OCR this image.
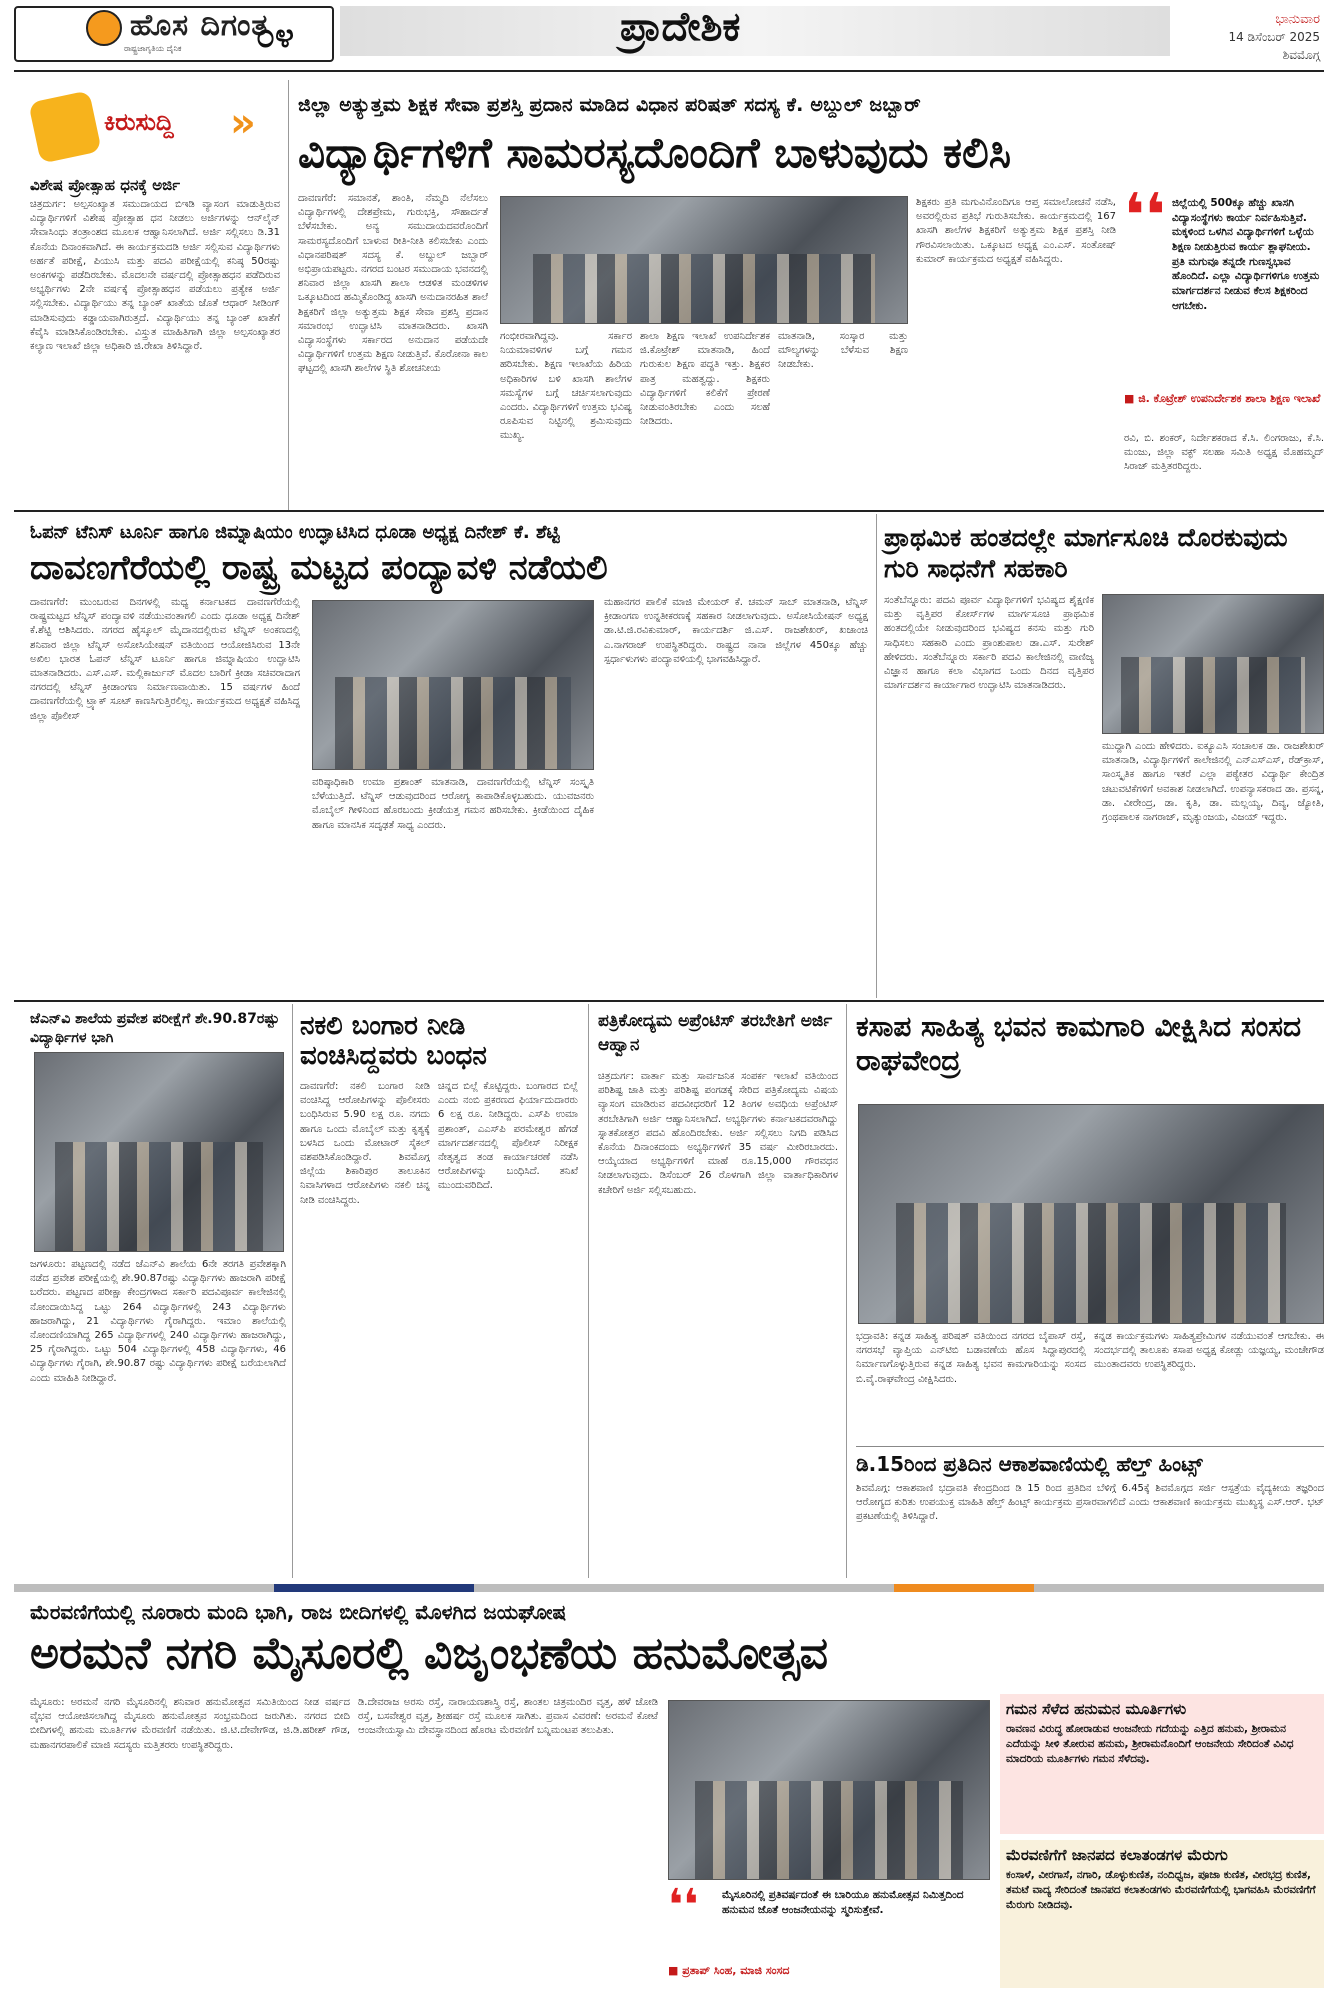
ಹೊಸ ದಿಗಂತ
ರಾಷ್ಟ್ರಜಾಗೃತಿಯ ದೈನಿಕ ೦೪	ಪ್ರಾದೇಶಿಕ	ಭಾನುವಾರ
14 ಡಿಸೆಂಬರ್ 2025
ಶಿವಮೊಗ್ಗ
ಕಿರುಸುದ್ದಿ »
ವಿಶೇಷ ಪ್ರೋತ್ಸಾಹ ಧನಕ್ಕೆ ಅರ್ಜಿ
ಚಿತ್ರದುರ್ಗ: ಅಲ್ಪಸಂಖ್ಯಾತ ಸಮುದಾಯದ ಬಿಇಡಿ ವ್ಯಾಸಂಗ ಮಾಡುತ್ತಿರುವ ವಿದ್ಯಾರ್ಥಿಗಳಿಗೆ ವಿಶೇಷ ಪ್ರೋತ್ಸಾಹ ಧನ ನೀಡಲು ಅರ್ಜಿಗಳನ್ನು ಆನ್‌ಲೈನ್ ಸೇವಾಸಿಂಧು ತಂತ್ರಾಂಶದ ಮೂಲಕ ಆಹ್ವಾನಿಸಲಾಗಿದೆ. ಅರ್ಜಿ ಸಲ್ಲಿಸಲು ಡಿ.31 ಕೊನೆಯ ದಿನಾಂಕವಾಗಿದೆ. ಈ ಕಾರ್ಯಕ್ರಮದಡಿ ಅರ್ಜಿ ಸಲ್ಲಿಸುವ ವಿದ್ಯಾರ್ಥಿಗಳು ಅರ್ಹತೆ ಪರೀಕ್ಷೆ, ಪಿಯುಸಿ ಮತ್ತು ಪದವಿ ಪರೀಕ್ಷೆಯಲ್ಲಿ ಕನಿಷ್ಠ 50ರಷ್ಟು ಅಂಕಗಳನ್ನು ಪಡೆದಿರಬೇಕು. ಮೊದಲನೇ ವರ್ಷದಲ್ಲಿ ಪ್ರೋತ್ಸಾಹಧನ ಪಡೆದಿರುವ ಅಭ್ಯರ್ಥಿಗಳು 2ನೇ ವರ್ಷಕ್ಕೆ ಪ್ರೋತ್ಸಾಹಧನ ಪಡೆಯಲು ಪ್ರತ್ಯೇಕ ಅರ್ಜಿ ಸಲ್ಲಿಸಬೇಕು. ವಿದ್ಯಾರ್ಥಿಯು ತನ್ನ ಬ್ಯಾಂಕ್ ಖಾತೆಯ ಜೊತೆ ಆಧಾರ್ ಸೀಡಿಂಗ್ ಮಾಡಿಸುವುದು ಕಡ್ಡಾಯವಾಗಿರುತ್ತದೆ. ವಿದ್ಯಾರ್ಥಿಯು ತನ್ನ ಬ್ಯಾಂಕ್ ಖಾತೆಗೆ ಕೆವೈಸಿ ಮಾಡಿಸಿಕೊಂಡಿರಬೇಕು. ವಿಸ್ತ್ರುತ ಮಾಹಿತಿಗಾಗಿ ಜಿಲ್ಲಾ ಅಲ್ಪಸಂಖ್ಯಾತರ ಕಲ್ಯಾಣ ಇಲಾಖೆ ಜಿಲ್ಲಾ ಅಧಿಕಾರಿ ಜಿ.ರೇಖಾ ತಿಳಿಸಿದ್ದಾರೆ.
ಜಿಲ್ಲಾ ಅತ್ಯುತ್ತಮ ಶಿಕ್ಷಕ ಸೇವಾ ಪ್ರಶಸ್ತಿ ಪ್ರದಾನ ಮಾಡಿದ ವಿಧಾನ ಪರಿಷತ್ ಸದಸ್ಯ ಕೆ. ಅಬ್ದುಲ್ ಜಬ್ಬಾರ್
ವಿದ್ಯಾರ್ಥಿಗಳಿಗೆ ಸಾಮರಸ್ಯದೊಂದಿಗೆ ಬಾಳುವುದು ಕಲಿಸಿ
ದಾವಣಗೆರೆ: ಸಮಾನತೆ, ಶಾಂತಿ, ನೆಮ್ಮದಿ ನೆಲೆಸಲು ವಿದ್ಯಾರ್ಥಿಗಳಲ್ಲಿ ದೇಶಪ್ರೇಮ, ಗುರುಭಕ್ತಿ, ಸೌಹಾರ್ದತೆ ಬೆಳೆಸಬೇಕು. ಅನ್ಯ ಸಮುದಾಯದವರೊಂದಿಗೆ ಸಾಮರಸ್ಯದೊಂದಿಗೆ ಬಾಳುವ ರೀತಿ-ನೀತಿ ಕಲಿಸಬೇಕು ಎಂದು ವಿಧಾನಪರಿಷತ್ ಸದಸ್ಯ ಕೆ. ಅಬ್ದುಲ್ ಜಬ್ಬಾರ್ ಅಭಿಪ್ರಾಯಪಟ್ಟರು. ನಗರದ ಬಂಟರ ಸಮುದಾಯ ಭವನದಲ್ಲಿ ಶನಿವಾರ ಜಿಲ್ಲಾ ಖಾಸಗಿ ಶಾಲಾ ಆಡಳಿತ ಮಂಡಳಿಗಳ ಒಕ್ಕೂಟದಿಂದ ಹಮ್ಮಿಕೊಂಡಿದ್ದ ಖಾಸಗಿ ಅನುದಾನರಹಿತ ಶಾಲೆ ಶಿಕ್ಷಕರಿಗೆ ಜಿಲ್ಲಾ ಅತ್ಯುತ್ತಮ ಶಿಕ್ಷಕ ಸೇವಾ ಪ್ರಶಸ್ತಿ ಪ್ರದಾನ ಸಮಾರಂಭ ಉದ್ಘಾಟಿಸಿ ಮಾತನಾಡಿದರು. ಖಾಸಗಿ ವಿದ್ಯಾಸಂಸ್ಥೆಗಳು ಸರ್ಕಾರದ ಅನುದಾನ ಪಡೆಯದೇ ವಿದ್ಯಾರ್ಥಿಗಳಿಗೆ ಉತ್ತಮ ಶಿಕ್ಷಣ ನೀಡುತ್ತಿವೆ. ಕೊರೋನಾ ಕಾಲ ಘಟ್ಟದಲ್ಲಿ ಖಾಸಗಿ ಶಾಲೆಗಳ ಸ್ಥಿತಿ ಶೋಚನೀಯ
ಗಂಭೀರವಾಗಿದ್ದವು. ಸರ್ಕಾರ ನಿಯಮಾವಳಿಗಳ ಬಗ್ಗೆ ಗಮನ ಹರಿಸಬೇಕು. ಶಿಕ್ಷಣ ಇಲಾಖೆಯ ಹಿರಿಯ ಅಧಿಕಾರಿಗಳ ಬಳಿ ಖಾಸಗಿ ಶಾಲೆಗಳ ಸಮಸ್ಯೆಗಳ ಬಗ್ಗೆ ಚರ್ಚಿಸಲಾಗುವುದು ಎಂದರು. ವಿದ್ಯಾರ್ಥಿಗಳಿಗೆ ಉತ್ತಮ ಭವಿಷ್ಯ ರೂಪಿಸುವ ನಿಟ್ಟಿನಲ್ಲಿ ಶ್ರಮಿಸುವುದು ಮುಖ್ಯ.
ಶಾಲಾ ಶಿಕ್ಷಣ ಇಲಾಖೆ ಉಪನಿರ್ದೇಶಕ ಜಿ.ಕೊಟ್ರೇಶ್ ಮಾತನಾಡಿ, ಹಿಂದೆ ಗುರುಕುಲ ಶಿಕ್ಷಣ ಪದ್ಧತಿ ಇತ್ತು. ಶಿಕ್ಷಕರ ಪಾತ್ರ ಮಹತ್ವದ್ದು. ಶಿಕ್ಷಕರು ವಿದ್ಯಾರ್ಥಿಗಳಿಗೆ ಕಲಿಕೆಗೆ ಪ್ರೇರಣೆ ನೀಡುವಂತಿರಬೇಕು ಎಂದು ಸಲಹೆ ನೀಡಿದರು.
ಮಾತನಾಡಿ, ಸಂಸ್ಕಾರ ಮತ್ತು ಮೌಲ್ಯಗಳನ್ನು ಬೆಳೆಸುವ ಶಿಕ್ಷಣ ನೀಡಬೇಕು.
ಶಿಕ್ಷಕರು ಪ್ರತಿ ಮಗುವಿನೊಂದಿಗೂ ಆಪ್ತ ಸಮಾಲೋಚನೆ ನಡೆಸಿ, ಅವರಲ್ಲಿರುವ ಪ್ರತಿಭೆ ಗುರುತಿಸಬೇಕು. ಕಾರ್ಯಕ್ರಮದಲ್ಲಿ 167 ಖಾಸಗಿ ಶಾಲೆಗಳ ಶಿಕ್ಷಕರಿಗೆ ಅತ್ಯುತ್ತಮ ಶಿಕ್ಷಕ ಪ್ರಶಸ್ತಿ ನೀಡಿ ಗೌರವಿಸಲಾಯಿತು. ಒಕ್ಕೂಟದ ಅಧ್ಯಕ್ಷ ಎಂ.ಎಸ್. ಸಂತೋಷ್ ಕುಮಾರ್ ಕಾರ್ಯಕ್ರಮದ ಅಧ್ಯಕ್ಷತೆ ವಹಿಸಿದ್ದರು.
❛❛ ಜಿಲ್ಲೆಯಲ್ಲಿ 500ಕ್ಕೂ ಹೆಚ್ಚು ಖಾಸಗಿ ವಿದ್ಯಾಸಂಸ್ಥೆಗಳು ಕಾರ್ಯ ನಿರ್ವಹಿಸುತ್ತಿವೆ. ಮಕ್ಕಳಿಂದ ಒಳಗಿನ ವಿದ್ಯಾರ್ಥಿಗಳಿಗೆ ಒಳ್ಳೆಯ ಶಿಕ್ಷಣ ನೀಡುತ್ತಿರುವ ಕಾರ್ಯ ಶ್ಲಾಘನೀಯ. ಪ್ರತಿ ಮಗುವೂ ತನ್ನದೇ ಗುಣಸ್ವಭಾವ ಹೊಂದಿದೆ. ಎಲ್ಲಾ ವಿದ್ಯಾರ್ಥಿಗಳಿಗೂ ಉತ್ತಮ ಮಾರ್ಗದರ್ಶನ ನೀಡುವ ಕೆಲಸ ಶಿಕ್ಷಕರಿಂದ ಆಗಬೇಕು.
■ ಜಿ. ಕೊಟ್ರೇಶ್ ಉಪನಿರ್ದೇಶಕ ಶಾಲಾ ಶಿಕ್ಷಣ ಇಲಾಖೆ
ರವಿ, ಬಿ. ಶಂಕರ್, ನಿರ್ದೇಶಕರಾದ ಕೆ.ಸಿ. ಲಿಂಗರಾಜು, ಕೆ.ಸಿ. ಮಂಜು, ಜಿಲ್ಲಾ ವಕ್ಫ್ ಸಲಹಾ ಸಮಿತಿ ಅಧ್ಯಕ್ಷ ಮೊಹಮ್ಮದ್ ಸಿರಾಜ್ ಮತ್ತಿತರರಿದ್ದರು.
ಓಪನ್ ಟೆನಿಸ್ ಟೂರ್ನಿ ಹಾಗೂ ಜಿಮ್ನಾಷಿಯಂ ಉದ್ಘಾಟಿಸಿದ ಧೂಡಾ ಅಧ್ಯಕ್ಷ ದಿನೇಶ್ ಕೆ. ಶೆಟ್ಟಿ
ದಾವಣಗೆರೆಯಲ್ಲಿ ರಾಷ್ಟ್ರ ಮಟ್ಟದ ಪಂದ್ಯಾವಳಿ ನಡೆಯಲಿ
ದಾವಣಗೆರೆ: ಮುಂಬರುವ ದಿನಗಳಲ್ಲಿ ಮಧ್ಯ ಕರ್ನಾಟಕದ ದಾವಣಗೆರೆಯಲ್ಲಿ ರಾಷ್ಟ್ರಮಟ್ಟದ ಟೆನ್ನಿಸ್ ಪಂದ್ಯಾವಳಿ ನಡೆಯುವಂತಾಗಲಿ ಎಂದು ಧೂಡಾ ಅಧ್ಯಕ್ಷ ದಿನೇಶ್ ಕೆ.ಶೆಟ್ಟಿ ಆಶಿಸಿದರು. ನಗರದ ಹೈಸ್ಕೂಲ್ ಮೈದಾನದಲ್ಲಿರುವ ಟೆನ್ನಿಸ್ ಅಂಕಣದಲ್ಲಿ ಶನಿವಾರ ಜಿಲ್ಲಾ ಟೆನ್ನಿಸ್ ಅಸೋಸಿಯೇಷನ್ ವತಿಯಿಂದ ಆಯೋಜಿಸಿರುವ 13ನೇ ಅಖಿಲ ಭಾರತ ಓಪನ್ ಟೆನ್ನಿಸ್ ಟೂರ್ನಿ ಹಾಗೂ ಜಿಮ್ನಾಷಿಯಂ ಉದ್ಘಾಟಿಸಿ ಮಾತನಾಡಿದರು. ಎಸ್.ಎಸ್. ಮಲ್ಲಿಕಾರ್ಜುನ್ ಮೊದಲ ಬಾರಿಗೆ ಕ್ರೀಡಾ ಸಚಿವರಾದಾಗ ನಗರದಲ್ಲಿ ಟೆನ್ನಿಸ್ ಕ್ರೀಡಾಂಗಣ ನಿರ್ಮಾಣವಾಯಿತು. 15 ವರ್ಷಗಳ ಹಿಂದೆ ದಾವಣಗೆರೆಯಲ್ಲಿ ಟ್ರ್ಯಾಕ್ ಸೂಟ್ ಕಾಣಸಿಗುತ್ತಿರಲಿಲ್ಲ. ಕಾರ್ಯಕ್ರಮದ ಅಧ್ಯಕ್ಷತೆ ವಹಿಸಿದ್ದ ಜಿಲ್ಲಾ ಪೊಲೀಸ್
ವರಿಷ್ಠಾಧಿಕಾರಿ ಉಮಾ ಪ್ರಶಾಂತ್ ಮಾತನಾಡಿ, ದಾವಣಗೆರೆಯಲ್ಲಿ ಟೆನ್ನಿಸ್ ಸಂಸ್ಕೃತಿ ಬೆಳೆಯುತ್ತಿದೆ. ಟೆನ್ನಿಸ್ ಆಡುವುದರಿಂದ ಆರೋಗ್ಯ ಕಾಪಾಡಿಕೊಳ್ಳಬಹುದು. ಯುವಜನರು ಮೊಬೈಲ್ ಗೀಳಿನಿಂದ ಹೊರಬಂದು ಕ್ರೀಡೆಯತ್ತ ಗಮನ ಹರಿಸಬೇಕು. ಕ್ರೀಡೆಯಿಂದ ದೈಹಿಕ ಹಾಗೂ ಮಾನಸಿಕ ಸದೃಢತೆ ಸಾಧ್ಯ ಎಂದರು.
ಮಹಾನಗರ ಪಾಲಿಕೆ ಮಾಜಿ ಮೇಯರ್ ಕೆ. ಚಮನ್ ಸಾಬ್ ಮಾತನಾಡಿ, ಟೆನ್ನಿಸ್ ಕ್ರೀಡಾಂಗಣ ಉನ್ನತೀಕರಣಕ್ಕೆ ಸಹಕಾರ ನೀಡಲಾಗುವುದು. ಅಸೋಸಿಯೇಷನ್ ಅಧ್ಯಕ್ಷ ಡಾ.ಟಿ.ಜಿ.ರವಿಕುಮಾರ್, ಕಾರ್ಯದರ್ಶಿ ಜಿ.ಎಸ್. ರಾಜಶೇಖರ್, ಖಜಾಂಚಿ ಎ.ನಾಗರಾಜ್ ಉಪಸ್ಥಿತರಿದ್ದರು. ರಾಷ್ಟ್ರದ ನಾನಾ ಜಿಲ್ಲೆಗಳ 450ಕ್ಕೂ ಹೆಚ್ಚು ಸ್ಪರ್ಧಾಳುಗಳು ಪಂದ್ಯಾವಳಿಯಲ್ಲಿ ಭಾಗವಹಿಸಿದ್ದಾರೆ.
ಪ್ರಾಥಮಿಕ ಹಂತದಲ್ಲೇ ಮಾರ್ಗಸೂಚಿ ದೊರಕುವುದು ಗುರಿ ಸಾಧನೆಗೆ ಸಹಕಾರಿ
ಸಂತೆಬೆನ್ನೂರು: ಪದವಿ ಪೂರ್ವ ವಿದ್ಯಾರ್ಥಿಗಳಿಗೆ ಭವಿಷ್ಯದ ಶೈಕ್ಷಣಿಕ ಮತ್ತು ವೃತ್ತಿಪರ ಕೋರ್ಸ್‌ಗಳ ಮಾರ್ಗಸೂಚಿ ಪ್ರಾಥಮಿಕ ಹಂತದಲ್ಲಿಯೇ ನೀಡುವುದರಿಂದ ಭವಿಷ್ಯದ ಕನಸು ಮತ್ತು ಗುರಿ ಸಾಧಿಸಲು ಸಹಕಾರಿ ಎಂದು ಪ್ರಾಂಶುಪಾಲ ಡಾ.ಎಸ್. ಸುರೇಶ್ ಹೇಳಿದರು. ಸಂತೆಬೆನ್ನೂರು ಸರ್ಕಾರಿ ಪದವಿ ಕಾಲೇಜಿನಲ್ಲಿ ವಾಣಿಜ್ಯ ವಿಜ್ಞಾನ ಹಾಗೂ ಕಲಾ ವಿಭಾಗದ ಒಂದು ದಿನದ ವೃತ್ತಿಪರ ಮಾರ್ಗದರ್ಶನ ಕಾರ್ಯಾಗಾರ ಉದ್ಘಾಟಿಸಿ ಮಾತನಾಡಿದರು.
ಮುದ್ದಾಗಿ ಎಂದು ಹೇಳಿದರು. ಐಕ್ಯೂಎಸಿ ಸಂಚಾಲಕ ಡಾ. ರಾಜಶೇಖರ್ ಮಾತನಾಡಿ, ವಿದ್ಯಾರ್ಥಿಗಳಿಗೆ ಕಾಲೇಜಿನಲ್ಲಿ ಎನ್‌ಎಸ್‌ಎಸ್, ರೆಡ್‌ಕ್ರಾಸ್, ಸಾಂಸ್ಕೃತಿಕ ಹಾಗೂ ಇತರೆ ಎಲ್ಲಾ ಪಠ್ಯೇತರ ವಿದ್ಯಾರ್ಥಿ ಕೇಂದ್ರಿತ ಚಟುವಟಿಕೆಗಳಿಗೆ ಅವಕಾಶ ನೀಡಲಾಗಿದೆ. ಉಪನ್ಯಾಸಕರಾದ ಡಾ. ಪ್ರಸನ್ನ, ಡಾ. ವೀರೇಂದ್ರ, ಡಾ. ಕೃತಿ, ಡಾ. ಮಲ್ಲಯ್ಯ, ದಿವ್ಯ, ಜ್ಯೋತಿ, ಗ್ರಂಥಪಾಲಕ ನಾಗರಾಜ್, ಮೃತ್ಯುಂಜಯ, ವಿಜಯ್ ಇದ್ದರು.
ಜೆಎನ್‌ವಿ ಶಾಲೆಯ ಪ್ರವೇಶ ಪರೀಕ್ಷೆಗೆ ಶೇ.90.87ರಷ್ಟು ವಿದ್ಯಾರ್ಥಿಗಳ ಭಾಗಿ
ಜಗಳೂರು: ಪಟ್ಟಣದಲ್ಲಿ ನಡೆದ ಜೆಎನ್‌ವಿ ಶಾಲೆಯ 6ನೇ ತರಗತಿ ಪ್ರವೇಶಕ್ಕಾಗಿ ನಡೆದ ಪ್ರವೇಶ ಪರೀಕ್ಷೆಯಲ್ಲಿ ಶೇ.90.87ರಷ್ಟು ವಿದ್ಯಾರ್ಥಿಗಳು ಹಾಜರಾಗಿ ಪರೀಕ್ಷೆ ಬರೆದರು. ಪಟ್ಟಣದ ಪರೀಕ್ಷಾ ಕೇಂದ್ರಗಳಾದ ಸರ್ಕಾರಿ ಪದವಿಪೂರ್ವ ಕಾಲೇಜಿನಲ್ಲಿ ನೋಂದಾಯಿಸಿದ್ದ ಒಟ್ಟು 264 ವಿದ್ಯಾರ್ಥಿಗಳಲ್ಲಿ 243 ವಿದ್ಯಾರ್ಥಿಗಳು ಹಾಜರಾಗಿದ್ದು, 21 ವಿದ್ಯಾರ್ಥಿಗಳು ಗೈರಾಗಿದ್ದರು. ಇಮಾಂ ಶಾಲೆಯಲ್ಲಿ ನೋಂದಣಿಯಾಗಿದ್ದ 265 ವಿದ್ಯಾರ್ಥಿಗಳಲ್ಲಿ 240 ವಿದ್ಯಾರ್ಥಿಗಳು ಹಾಜರಾಗಿದ್ದು, 25 ಗೈರಾಗಿದ್ದರು. ಒಟ್ಟು 504 ವಿದ್ಯಾರ್ಥಿಗಳಲ್ಲಿ 458 ವಿದ್ಯಾರ್ಥಿಗಳು, 46 ವಿದ್ಯಾರ್ಥಿಗಳು ಗೈರಾಗಿ, ಶೇ.90.87 ರಷ್ಟು ವಿದ್ಯಾರ್ಥಿಗಳು ಪರೀಕ್ಷೆ ಬರೆಯಲಾಗಿದೆ ಎಂದು ಮಾಹಿತಿ ನೀಡಿದ್ದಾರೆ.
ನಕಲಿ ಬಂಗಾರ ನೀಡಿ ವಂಚಿಸಿದ್ದವರು ಬಂಧನ
ದಾವಣಗೆರೆ: ನಕಲಿ ಬಂಗಾರ ನೀಡಿ ವಂಚಿಸಿದ್ದ ಆರೋಪಿಗಳನ್ನು ಪೊಲೀಸರು ಬಂಧಿಸಿರುವ 5.90 ಲಕ್ಷ ರೂ. ನಗದು ಹಾಗೂ ಒಂದು ಮೊಬೈಲ್ ಮತ್ತು ಕೃತ್ಯಕ್ಕೆ ಬಳಸಿದ ಒಂದು ಮೋಟಾರ್ ಸೈಕಲ್ ವಶಪಡಿಸಿಕೊಂಡಿದ್ದಾರೆ. ಶಿವಮೊಗ್ಗ ಜಿಲ್ಲೆಯ ಶಿಕಾರಿಪುರ ತಾಲೂಕಿನ ನಿವಾಸಿಗಳಾದ ಆರೋಪಿಗಳು ನಕಲಿ ಚಿನ್ನ ನೀಡಿ ವಂಚಿಸಿದ್ದರು.
ಚಿನ್ನದ ಬಿಲ್ಲೆ ಕೊಟ್ಟಿದ್ದರು. ಬಂಗಾರದ ಬಿಲ್ಲೆ ಎಂದು ನಂಬಿ ಪ್ರಕರಣದ ಫಿರ್ಯಾದುದಾರರು 6 ಲಕ್ಷ ರೂ. ನೀಡಿದ್ದರು. ಎಸ್‌ಪಿ ಉಮಾ ಪ್ರಶಾಂತ್, ಎಎಸ್‌ಪಿ ಪರಮೇಶ್ವರ ಹೆಗಡೆ ಮಾರ್ಗದರ್ಶನದಲ್ಲಿ ಪೊಲೀಸ್ ನಿರೀಕ್ಷಕ ನೇತೃತ್ವದ ತಂಡ ಕಾರ್ಯಾಚರಣೆ ನಡೆಸಿ ಆರೋಪಿಗಳನ್ನು ಬಂಧಿಸಿದೆ. ತನಿಖೆ ಮುಂದುವರಿದಿದೆ.
ಪತ್ರಿಕೋದ್ಯಮ ಅಪ್ರೆಂಟಿಸ್ ತರಬೇತಿಗೆ ಅರ್ಜಿ ಆಹ್ವಾನ
ಚಿತ್ರದುರ್ಗ: ವಾರ್ತಾ ಮತ್ತು ಸಾರ್ವಜನಿಕ ಸಂಪರ್ಕ ಇಲಾಖೆ ವತಿಯಿಂದ ಪರಿಶಿಷ್ಟ ಜಾತಿ ಮತ್ತು ಪರಿಶಿಷ್ಟ ಪಂಗಡಕ್ಕೆ ಸೇರಿದ ಪತ್ರಿಕೋದ್ಯಮ ವಿಷಯ ವ್ಯಾಸಂಗ ಮಾಡಿರುವ ಪದವೀಧರರಿಗೆ 12 ತಿಂಗಳ ಅವಧಿಯ ಅಪ್ರೆಂಟಿಸ್ ತರಬೇತಿಗಾಗಿ ಅರ್ಜಿ ಆಹ್ವಾನಿಸಲಾಗಿದೆ. ಅಭ್ಯರ್ಥಿಗಳು ಕರ್ನಾಟಕದವರಾಗಿದ್ದು ಸ್ನಾತಕೋತ್ತರ ಪದವಿ ಹೊಂದಿರಬೇಕು. ಅರ್ಜಿ ಸಲ್ಲಿಸಲು ನಿಗದಿ ಪಡಿಸಿದ ಕೊನೆಯ ದಿನಾಂಕದಂದು ಅಭ್ಯರ್ಥಿಗಳಿಗೆ 35 ವರ್ಷ ಮೀರಿರಬಾರದು. ಆಯ್ಕೆಯಾದ ಅಭ್ಯರ್ಥಿಗಳಿಗೆ ಮಾಹೆ ರೂ.15,000 ಗೌರವಧನ ನೀಡಲಾಗುವುದು. ಡಿಸೆಂಬರ್ 26 ರೊಳಗಾಗಿ ಜಿಲ್ಲಾ ವಾರ್ತಾಧಿಕಾರಿಗಳ ಕಚೇರಿಗೆ ಅರ್ಜಿ ಸಲ್ಲಿಸಬಹುದು.
ಕಸಾಪ ಸಾಹಿತ್ಯ ಭವನ ಕಾಮಗಾರಿ ವೀಕ್ಷಿಸಿದ ಸಂಸದ ರಾಘವೇಂದ್ರ
ಭದ್ರಾವತಿ: ಕನ್ನಡ ಸಾಹಿತ್ಯ ಪರಿಷತ್ ವತಿಯಿಂದ ನಗರದ ಬೈಪಾಸ್ ರಸ್ತೆ, ನಗರಸಭೆ ವ್ಯಾಪ್ತಿಯ ಎನ್‌ಟಿಬಿ ಬಡಾವಣೆಯ ಹೊಸ ಸಿದ್ದಾಪುರದಲ್ಲಿ ನಿರ್ಮಾಣಗೊಳ್ಳುತ್ತಿರುವ ಕನ್ನಡ ಸಾಹಿತ್ಯ ಭವನ ಕಾಮಗಾರಿಯನ್ನು ಸಂಸದ ಬಿ.ವೈ.ರಾಘವೇಂದ್ರ ವೀಕ್ಷಿಸಿದರು.
ಕನ್ನಡ ಕಾರ್ಯಕ್ರಮಗಳು ಸಾಹಿತ್ಯಪ್ರೇಮಿಗಳ ನಡೆಯುವಂತೆ ಆಗಬೇಕು. ಈ ಸಂದರ್ಭದಲ್ಲಿ ತಾಲೂಕು ಕಸಾಪ ಅಧ್ಯಕ್ಷ ಕೋಡ್ಲು ಯಜ್ಞಯ್ಯ, ಮಂಜೇಗೌಡ ಮುಂತಾದವರು ಉಪಸ್ಥಿತರಿದ್ದರು.
ಡಿ.15ರಿಂದ ಪ್ರತಿದಿನ ಆಕಾಶವಾಣಿಯಲ್ಲಿ ಹೆಲ್ತ್ ಹಿಂಟ್ಸ್
ಶಿವಮೊಗ್ಗ: ಆಕಾಶವಾಣಿ ಭದ್ರಾವತಿ ಕೇಂದ್ರದಿಂದ ಡಿ 15 ರಿಂದ ಪ್ರತಿದಿನ ಬೆಳಿಗ್ಗೆ 6.45ಕ್ಕೆ ಶಿವಮೊಗ್ಗದ ಸರ್ಜಿ ಆಸ್ಪತ್ರೆಯ ವೈದ್ಯಕೀಯ ತಜ್ಞರಿಂದ ಆರೋಗ್ಯದ ಕುರಿತು ಉಪಯುಕ್ತ ಮಾಹಿತಿ ಹೆಲ್ತ್ ಹಿಂಟ್ಸ್ ಕಾರ್ಯಕ್ರಮ ಪ್ರಸಾರವಾಗಲಿದೆ ಎಂದು ಆಕಾಶವಾಣಿ ಕಾರ್ಯಕ್ರಮ ಮುಖ್ಯಸ್ಥ ಎಸ್.ಆರ್. ಭಟ್ ಪ್ರಕಟಣೆಯಲ್ಲಿ ತಿಳಿಸಿದ್ದಾರೆ.
ಮೆರವಣಿಗೆಯಲ್ಲಿ ನೂರಾರು ಮಂದಿ ಭಾಗಿ, ರಾಜ ಬೀದಿಗಳಲ್ಲಿ ಮೊಳಗಿದ ಜಯಘೋಷ
ಅರಮನೆ ನಗರಿ ಮೈಸೂರಲ್ಲಿ ವಿಜೃಂಭಣೆಯ ಹನುಮೋತ್ಸವ
ಮೈಸೂರು: ಅರಮನೆ ನಗರಿ ಮೈಸೂರಿನಲ್ಲಿ ಶನಿವಾರ ಹನುಮೋತ್ಸವ ಸಮಿತಿಯಿಂದ ನೀಡ ವರ್ಷದ ವೈಭವ ಆಯೋಜಿಸಲಾಗಿದ್ದ ಮೈಸೂರು ಹನುಮೋತ್ಸವ ಸಂಭ್ರಮದಿಂದ ಜರುಗಿತು. ನಗರದ ಬೀದಿ ಬೀದಿಗಳಲ್ಲಿ ಹನುಮ ಮೂರ್ತಿಗಳ ಮೆರವಣಿಗೆ ನಡೆಯಿತು. ಜಿ.ಟಿ.ದೇವೇಗೌಡ, ಜಿ.ಡಿ.ಹರೀಶ್ ಗೌಡ, ಮಹಾನಗರಪಾಲಿಕೆ ಮಾಜಿ ಸದಸ್ಯರು ಮತ್ತಿತರರು ಉಪಸ್ಥಿತರಿದ್ದರು.
ಡಿ.ದೇವರಾಜ ಅರಸು ರಸ್ತೆ, ನಾರಾಯಣಶಾಸ್ತ್ರಿ ರಸ್ತೆ, ಶಾಂತಲ ಚಿತ್ರಮಂದಿರ ವೃತ್ತ, ಹಳೆ ಜೋಡಿ ರಸ್ತೆ, ಬಸವೇಶ್ವರ ವೃತ್ತ, ಶ್ರೀಹರ್ಷ ರಸ್ತೆ ಮೂಲಕ ಸಾಗಿತು. ಪ್ರವಾಸ ವಿವರಣೆ: ಅರಮನೆ ಕೋಟೆ ಆಂಜನೇಯಸ್ವಾಮಿ ದೇವಸ್ಥಾನದಿಂದ ಹೊರಟ ಮೆರವಣಿಗೆ ಬನ್ನಿಮಂಟಪ ತಲುಪಿತು.
❛❛ ಮೈಸೂರಿನಲ್ಲಿ ಪ್ರತಿವರ್ಷದಂತೆ ಈ ಬಾರಿಯೂ ಹನುಮೋತ್ಸವ ನಿಮಿತ್ತದಿಂದ ಹನುಮನ ಜೊತೆ ಆಂಜನೇಯನನ್ನು ಸ್ಮರಿಸುತ್ತೇವೆ.
■ ಪ್ರತಾಪ್ ಸಿಂಹ, ಮಾಜಿ ಸಂಸದ
ಗಮನ ಸೆಳೆದ ಹನುಮನ ಮೂರ್ತಿಗಳು
ರಾವಣನ ವಿರುದ್ಧ ಹೋರಾಡುವ ಆಂಜನೇಯ ಗದೆಯನ್ನು ಎತ್ತಿದ ಹನುಮ, ಶ್ರೀರಾಮನ ಎದೆಯನ್ನು ಸೀಳಿ ತೋರುವ ಹನುಮ, ಶ್ರೀರಾಮನೊಂದಿಗೆ ಆಂಜನೇಯ ಸೇರಿದಂತೆ ವಿವಿಧ ಮಾದರಿಯ ಮೂರ್ತಿಗಳು ಗಮನ ಸೆಳೆದವು.
ಮೆರವಣಿಗೆಗೆ ಜಾನಪದ ಕಲಾತಂಡಗಳ ಮೆರುಗು
ಕಂಸಾಳೆ, ವೀರಗಾಸೆ, ನಗಾರಿ, ಡೊಳ್ಳುಕುಣಿತ, ನಂದಿಧ್ವಜ, ಪೂಜಾ ಕುಣಿತ, ವೀರಭದ್ರ ಕುಣಿತ, ತಮಟೆ ವಾದ್ಯ ಸೇರಿದಂತೆ ಜಾನಪದ ಕಲಾತಂಡಗಳು ಮೆರವಣಿಗೆಯಲ್ಲಿ ಭಾಗವಹಿಸಿ ಮೆರವಣಿಗೆಗೆ ಮೆರುಗು ನೀಡಿದವು.
